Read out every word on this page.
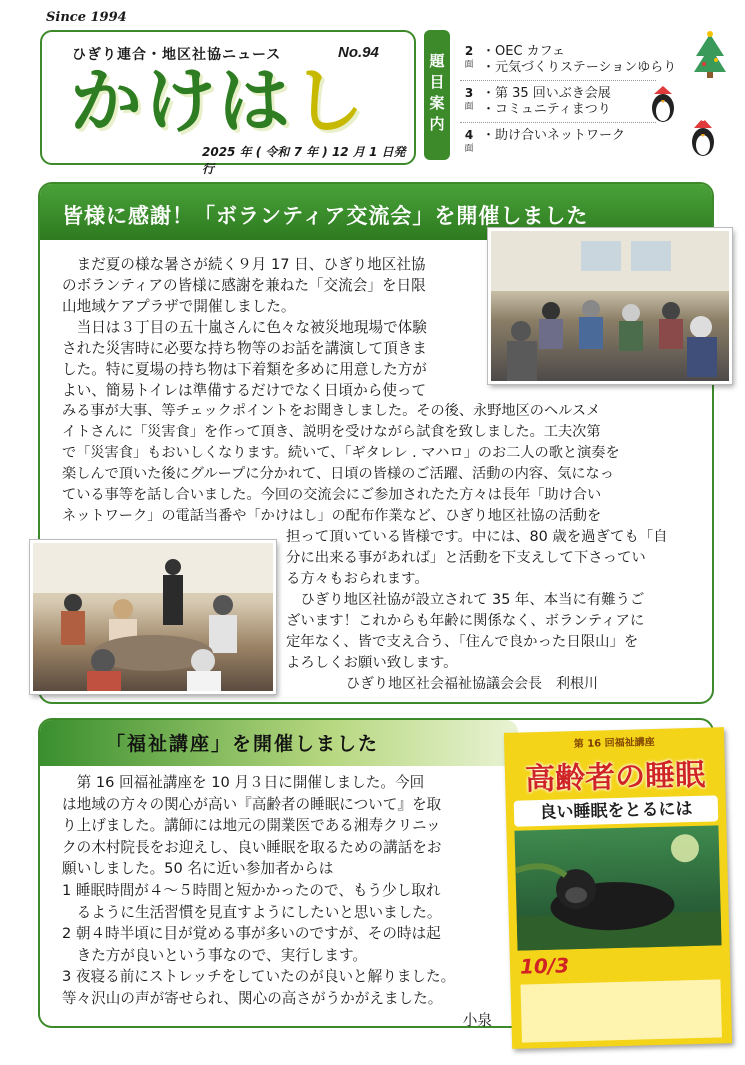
Since 1994
ひぎり連合・地区社協ニュース	No.94
かけはし
2025 年 ( 令和 7 年 ) 12 月 1 日発行
題目案内
2
面
・OEC カフェ
・元気づくりステーションゆらり
3
面
・第 35 回いぶき会展
・コミュニティまつり
4
面
・助け合いネットワーク
皆様に感謝！「ボランティア交流会」を開催しました
　まだ夏の様な暑さが続く９月 17 日、ひぎり地区社協
のボランティアの皆様に感謝を兼ねた「交流会」を日限
山地域ケアプラザで開催しました。
　当日は３丁目の五十嵐さんに色々な被災地現場で体験
された災害時に必要な持ち物等のお話を講演して頂きま
した。特に夏場の持ち物は下着類を多めに用意した方が
よい、簡易トイレは準備するだけでなく日頃から使って
みる事が大事、等チェックポイントをお聞きしました。その後、永野地区のヘルスメ
イトさんに「災害食」を作って頂き、説明を受けながら試食を致しました。工夫次第
で「災害食」もおいしくなります。続いて、「ギタレレ . マハロ」のお二人の歌と演奏を
楽しんで頂いた後にグループに分かれて、日頃の皆様のご活躍、活動の内容、気になっ
ている事等を話し合いました。今回の交流会にご参加されたた方々は長年「助け合い
ネットワーク」の電話当番や「かけはし」の配布作業など、ひぎり地区社協の活動を
担って頂いている皆様です。中には、80 歳を過ぎても「自
分に出来る事があれば」と活動を下支えして下さってい
る方々もおられます。
　ひぎり地区社協が設立されて 35 年、本当に有難うご
ざいます！これからも年齢に関係なく、ボランティアに
定年なく、皆で支え合う、「住んで良かった日限山」を
よろしくお願い致します。
ひぎり地区社会福祉協議会会長　利根川
「福祉講座」を開催しました
　第 16 回福祉講座を 10 月３日に開催しました。今回
は地域の方々の関心が高い『高齢者の睡眠について』を取
り上げました。講師には地元の開業医である湘寿クリニッ
クの木村院長をお迎えし、良い睡眠を取るための講話をお
願いしました。50 名に近い参加者からは
1 睡眠時間が４～５時間と短かかったので、もう少し取れ
　るように生活習慣を見直すようにしたいと思いました。
2 朝４時半頃に目が覚める事が多いのですが、その時は起
　きた方が良いという事なので、実行します。
3 夜寝る前にストレッチをしていたのが良いと解りました。
等々沢山の声が寄せられ、関心の高さがうかがえました。
小泉
第 16 回福祉講座
高齢者の睡眠
良い睡眠をとるには
10/3
